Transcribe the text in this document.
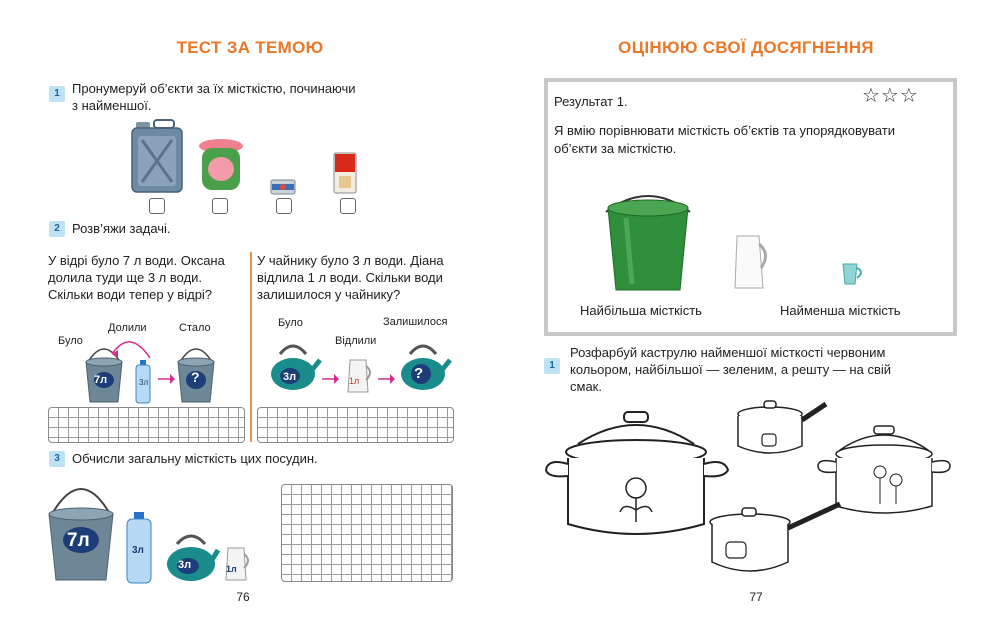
ТЕСТ ЗА ТЕМОЮ
1 Пронумеруй об’єкти за їх місткістю, починаючи
з найменшої.
2 Розв’яжи задачі.
У відрі було 7 л води. Оксана
долила туди ще 3 л води.
Скільки води тепер у відрі?
У чайнику було 3 л води. Діана
відлила 1 л води. Скільки води
залишилося у чайнику?
Було
Долили	Стало
7л	3л	?
Було
Відлили
Залишилося
3л	1л	?
3 Обчисли загальну місткість цих посудин.
7л	3л
3л	1л
76
ОЦІНЮЮ СВОЇ ДОСЯГНЕННЯ
Результат 1.	☆☆☆
Я вмію порівнювати місткість об’єктів та упорядковувати
об’єкти за місткістю.
Найбільша місткість	Найменша місткість
1
Розфарбуй каструлю найменшої місткості червоним
кольором, найбільшої — зеленим, а решту — на свій
смак.
77
